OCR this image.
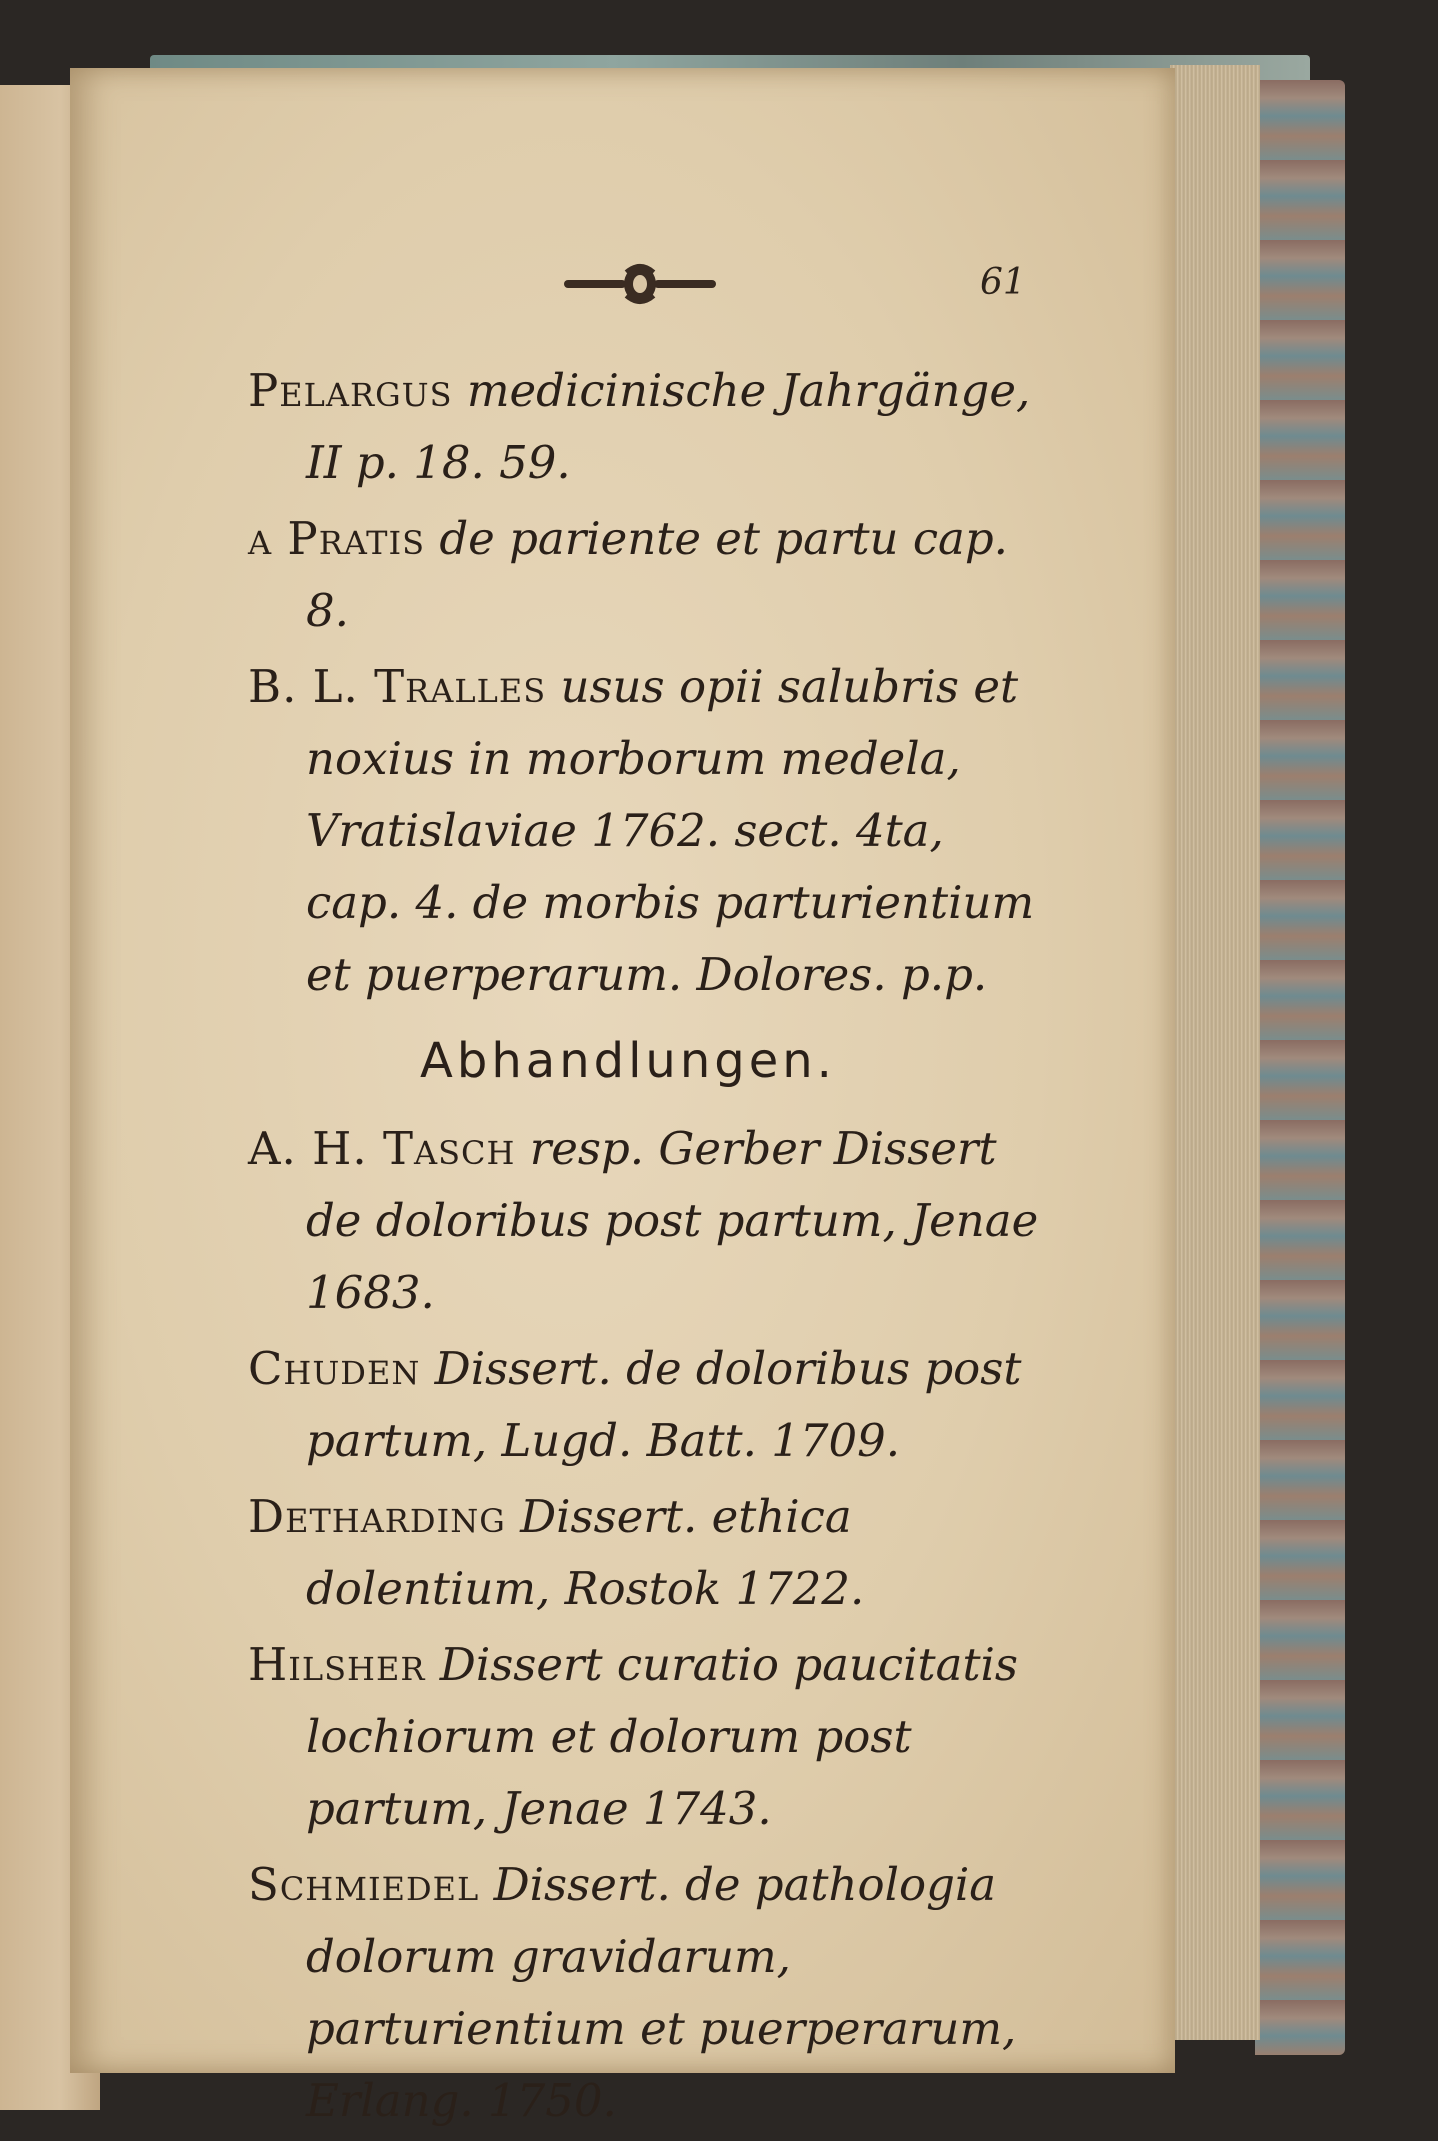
61
Pelargus medicinische Jahrgänge, II p. 18. 59.
a Pratis de pariente et partu cap. 8.
B. L. Tralles usus opii salubris et noxius in morborum medela, Vratislaviae 1762. sect. 4ta, cap. 4. de morbis parturientium et puerperarum. Dolores. p.p.
Abhandlungen.
A. H. Tasch resp. Gerber Dissert de doloribus post partum, Jenae 1683.
Chuden Dissert. de doloribus post partum, Lugd. Batt. 1709.
Detharding Dissert. ethica dolentium, Rostok 1722.
Hilsher Dissert curatio paucitatis lochiorum et dolorum post partum, Jenae 1743.
Schmiedel Dissert. de pathologia dolorum gravidarum, parturientium et puerperarum, Erlang. 1750.
